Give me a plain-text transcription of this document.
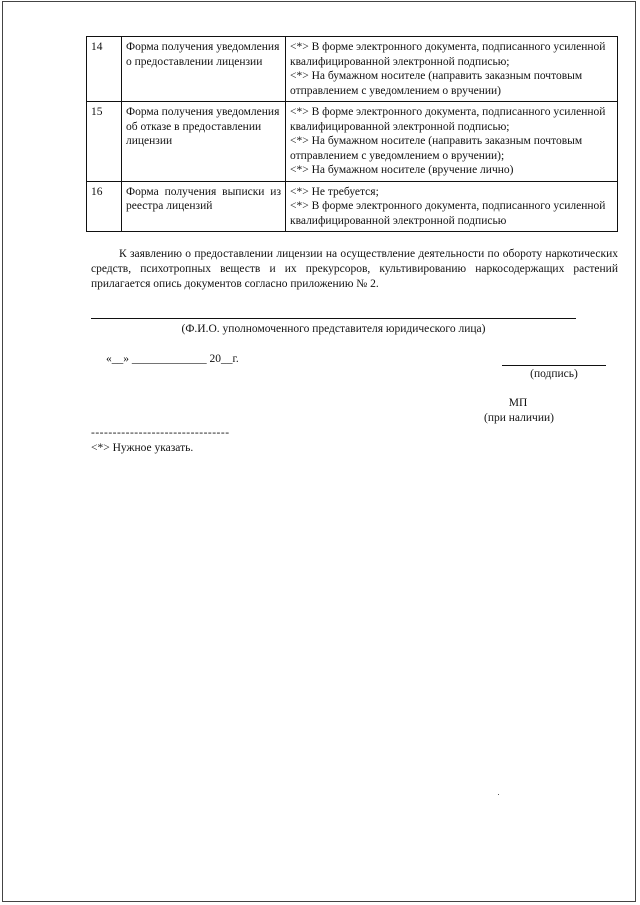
14	Форма получения уведомления о предоставлении лицензии	<*> В форме электронного документа, подписанного усиленной квалифицированной электронной подписью;
<*> На бумажном носителе (направить заказным почтовым отправлением с уведомлением о вручении)

15	Форма получения уведомления об отказе в предоставлении лицензии	<*> В форме электронного документа, подписанного усиленной квалифицированной электронной подписью;
<*> На бумажном носителе (направить заказным почтовым отправлением с уведомлением о вручении);
<*> На бумажном носителе (вручение лично)

16	Форма получения выписки из реестра лицензий	<*> Не требуется;
<*> В форме электронного документа, подписанного усиленной квалифицированной электронной подписью
К заявлению о предоставлении лицензии на осуществление деятельности по обороту наркотических средств, психотропных веществ и их прекурсоров, культивированию наркосодержащих растений прилагается опись документов согласно приложению № 2.
(Ф.И.О. уполномоченного представителя юридического лица)
«__» _____________ 20__г.
(подпись)
МП
(при наличии)
--------------------------------
<*> Нужное указать.
